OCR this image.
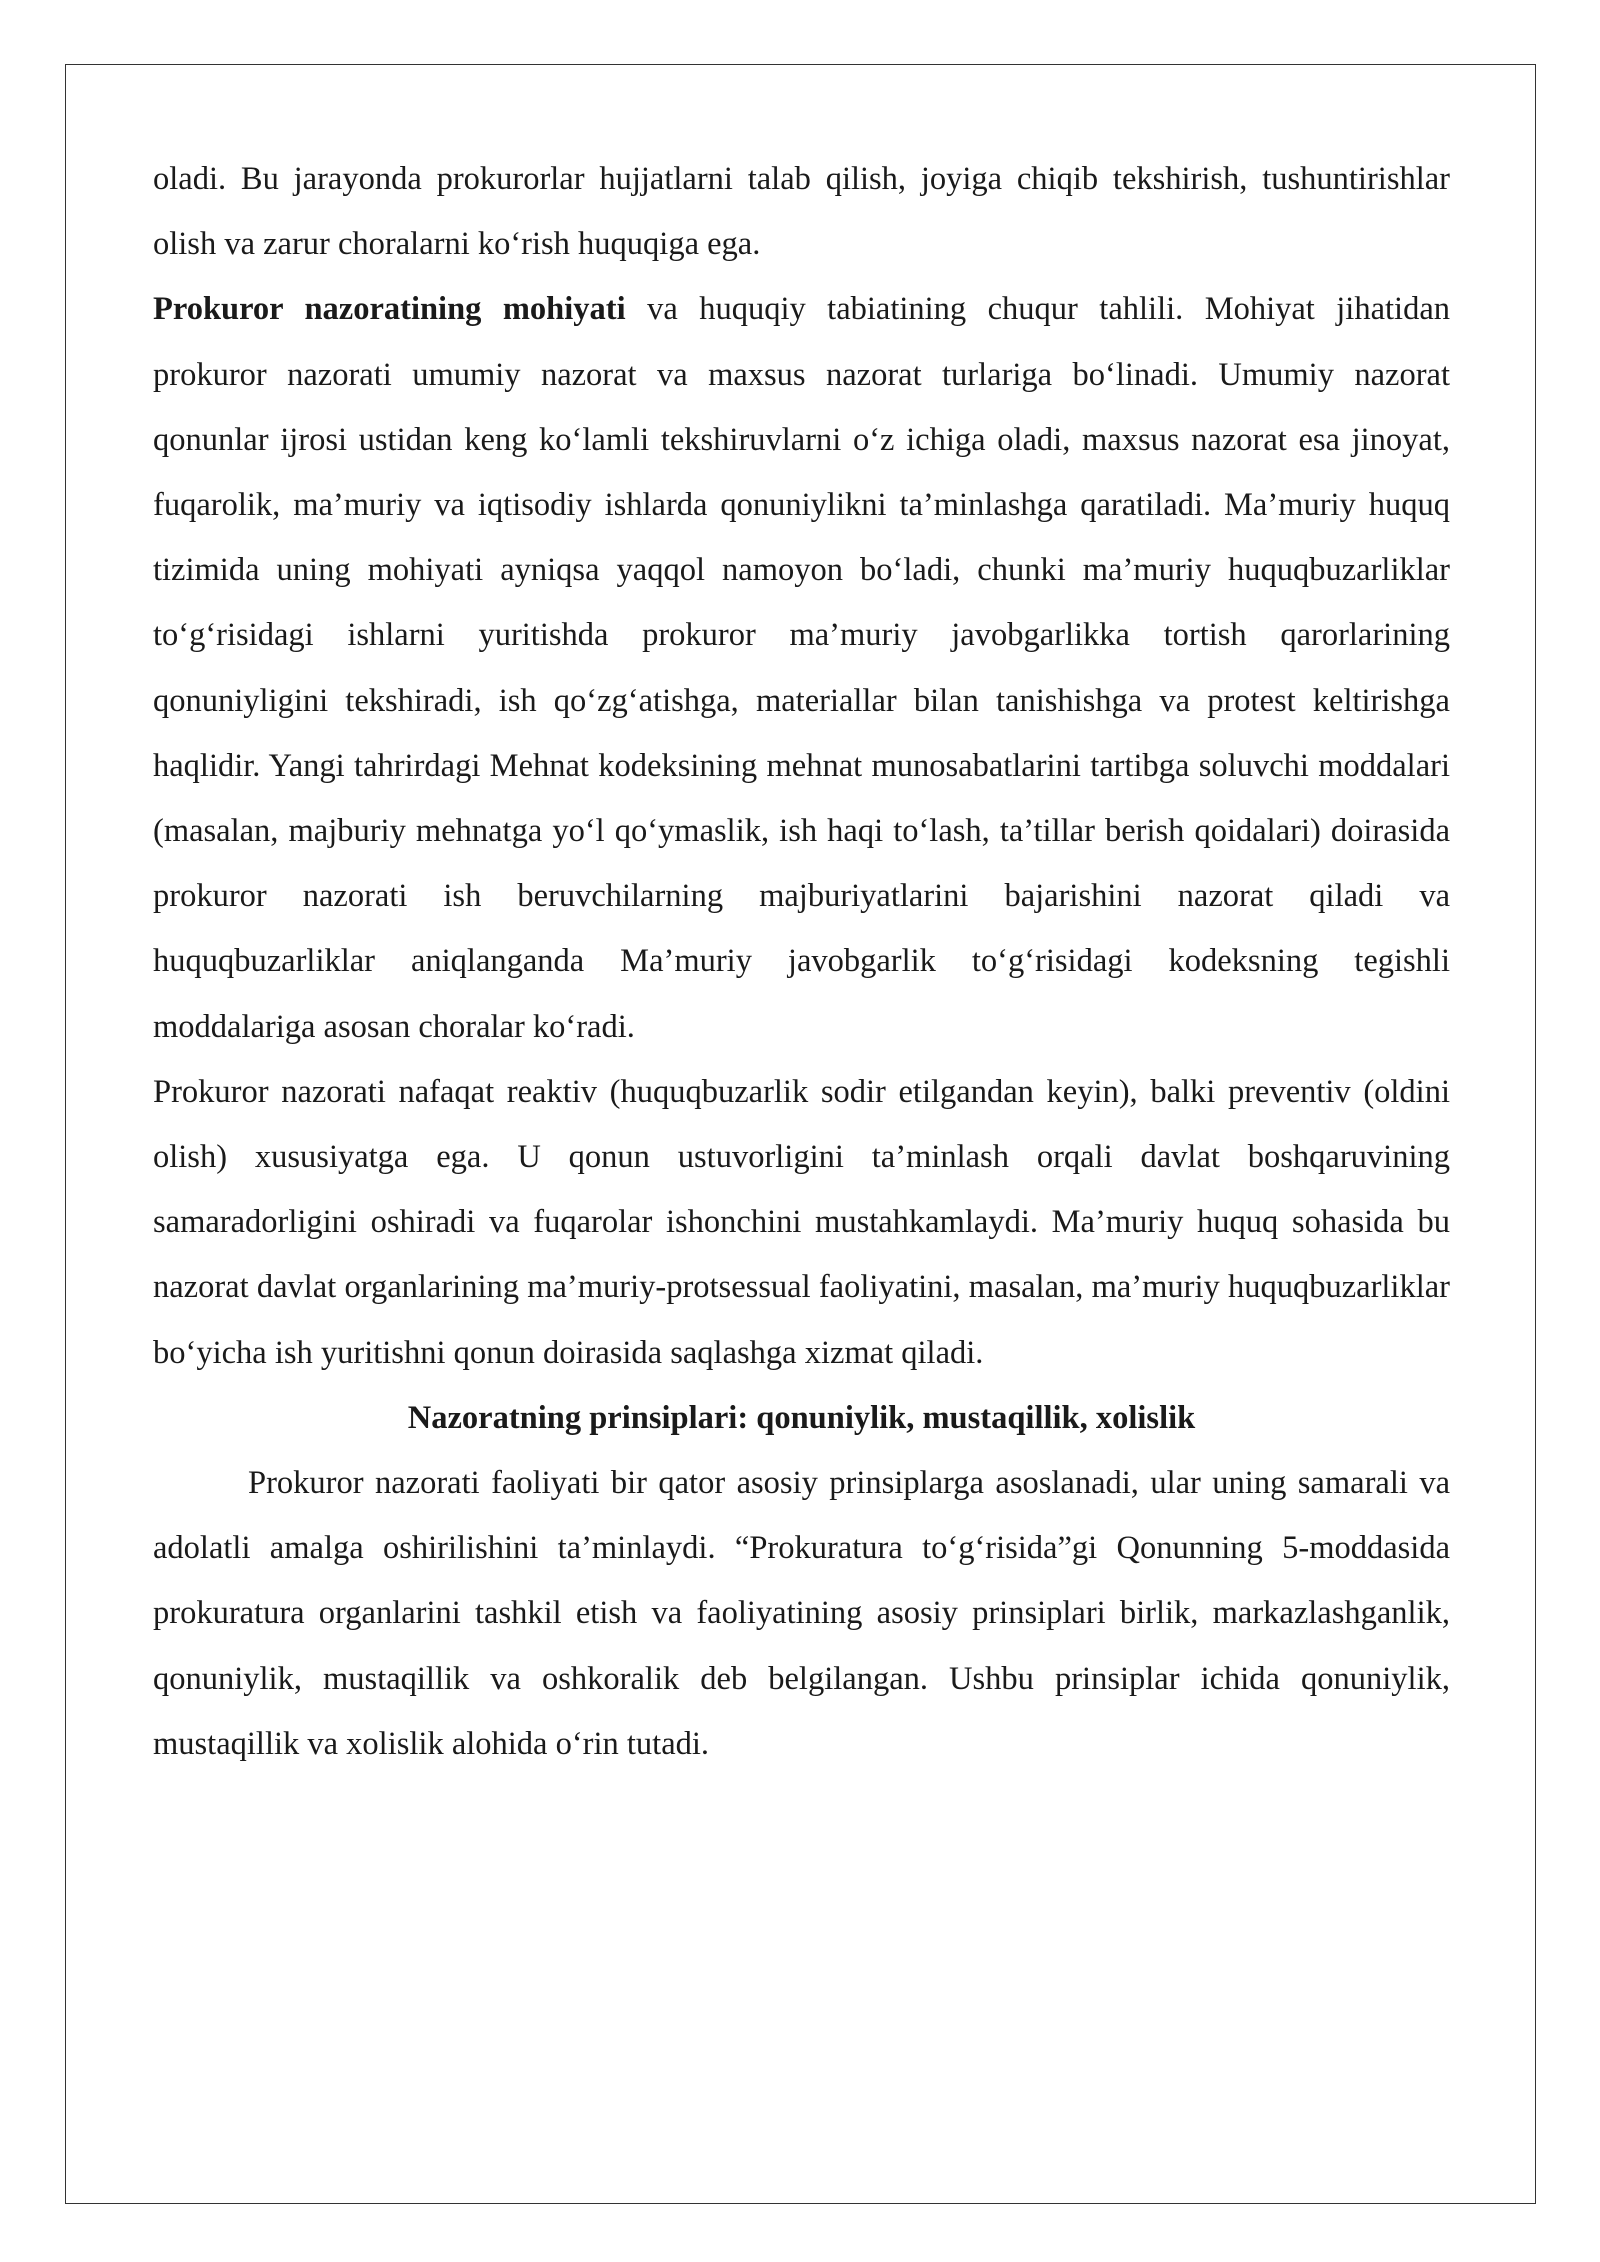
oladi. Bu jarayonda prokurorlar hujjatlarni talab qilish, joyiga chiqib tekshirish, tushuntirishlar olish va zarur choralarni ko‘rish huquqiga ega.

Prokuror nazoratining mohiyati va huquqiy tabiatining chuqur tahlili. Mohiyat jihatidan prokuror nazorati umumiy nazorat va maxsus nazorat turlariga bo‘linadi. Umumiy nazorat qonunlar ijrosi ustidan keng ko‘lamli tekshiruvlarni o‘z ichiga oladi, maxsus nazorat esa jinoyat, fuqarolik, ma’muriy va iqtisodiy ishlarda qonuniylikni ta’minlashga qaratiladi. Ma’muriy huquq tizimida uning mohiyati ayniqsa yaqqol namoyon bo‘ladi, chunki ma’muriy huquqbuzarliklar to‘g‘risidagi ishlarni yuritishda prokuror ma’muriy javobgarlikka tortish qarorlarining qonuniyligini tekshiradi, ish qo‘zg‘atishga, materiallar bilan tanishishga va protest keltirishga haqlidir. Yangi tahrirdagi Mehnat kodeksining mehnat munosabatlarini tartibga soluvchi moddalari (masalan, majburiy mehnatga yo‘l qo‘ymaslik, ish haqi to‘lash, ta’tillar berish qoidalari) doirasida prokuror nazorati ish beruvchilarning majburiyatlarini bajarishini nazorat qiladi va huquqbuzarliklar aniqlanganda Ma’muriy javobgarlik to‘g‘risidagi kodeksning tegishli moddalariga asosan choralar ko‘radi.

Prokuror nazorati nafaqat reaktiv (huquqbuzarlik sodir etilgandan keyin), balki preventiv (oldini olish) xususiyatga ega. U qonun ustuvorligini ta’minlash orqali davlat boshqaruvining samaradorligini oshiradi va fuqarolar ishonchini mustahkamlaydi. Ma’muriy huquq sohasida bu nazorat davlat organlarining ma’muriy-protsessual faoliyatini, masalan, ma’muriy huquqbuzarliklar bo‘yicha ish yuritishni qonun doirasida saqlashga xizmat qiladi.

Nazoratning prinsiplari: qonuniylik, mustaqillik, xolislik

Prokuror nazorati faoliyati bir qator asosiy prinsiplarga asoslanadi, ular uning samarali va adolatli amalga oshirilishini ta’minlaydi. “Prokuratura to‘g‘risida”gi Qonunning 5-moddasida prokuratura organlarini tashkil etish va faoliyatining asosiy prinsiplari birlik, markazlashganlik, qonuniylik, mustaqillik va oshkoralik deb belgilangan. Ushbu prinsiplar ichida qonuniylik, mustaqillik va xolislik alohida o‘rin tutadi.
